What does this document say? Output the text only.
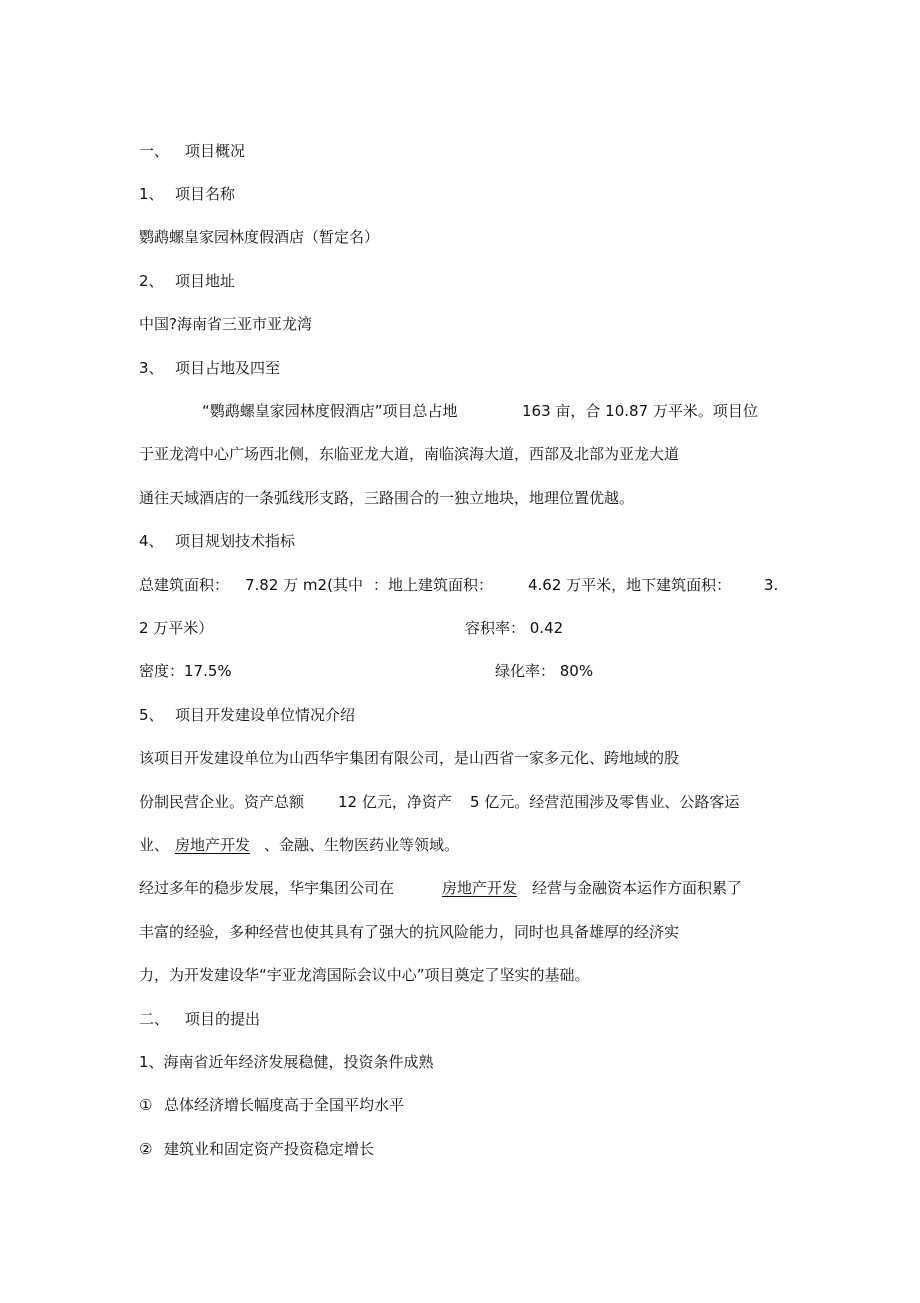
一、 项目概况
1、 项目名称
鹦鹉螺皇家园林度假酒店（暂定名）
2、 项目地址
中国?海南省三亚市亚龙湾
3、 项目占地及四至
“鹦鹉螺皇家园林度假酒店”项目总占地	163 亩，合 10.87 万平米。项目位
于亚龙湾中心广场西北侧，东临亚龙大道，南临滨海大道，西部及北部为亚龙大道
通往天域酒店的一条弧线形支路，三路围合的一独立地块，地理位置优越。
4、 项目规划技术指标
总建筑面积： 7.82 万 m2(其中 ：地上建筑面积： 4.62 万平米，地下建筑面积： 3.
2 万平米）	容积率： 0.42
密度：17.5%	绿化率： 80%
5、 项目开发建设单位情况介绍
该项目开发建设单位为山西华宇集团有限公司，是山西省一家多元化、跨地域的股
份制民营企业。资产总额 12 亿元，净资产 5 亿元。经营范围涉及零售业、公路客运
业、 房地产开发 、金融、生物医药业等领域。
经过多年的稳步发展，华宇集团公司在	房地产开发 经营与金融资本运作方面积累了
丰富的经验，多种经营也使其具有了强大的抗风险能力，同时也具备雄厚的经济实
力，为开发建设华“宇亚龙湾国际会议中心”项目奠定了坚实的基础。
二、 项目的提出
1、海南省近年经济发展稳健，投资条件成熟
① 总体经济增长幅度高于全国平均水平
② 建筑业和固定资产投资稳定增长
